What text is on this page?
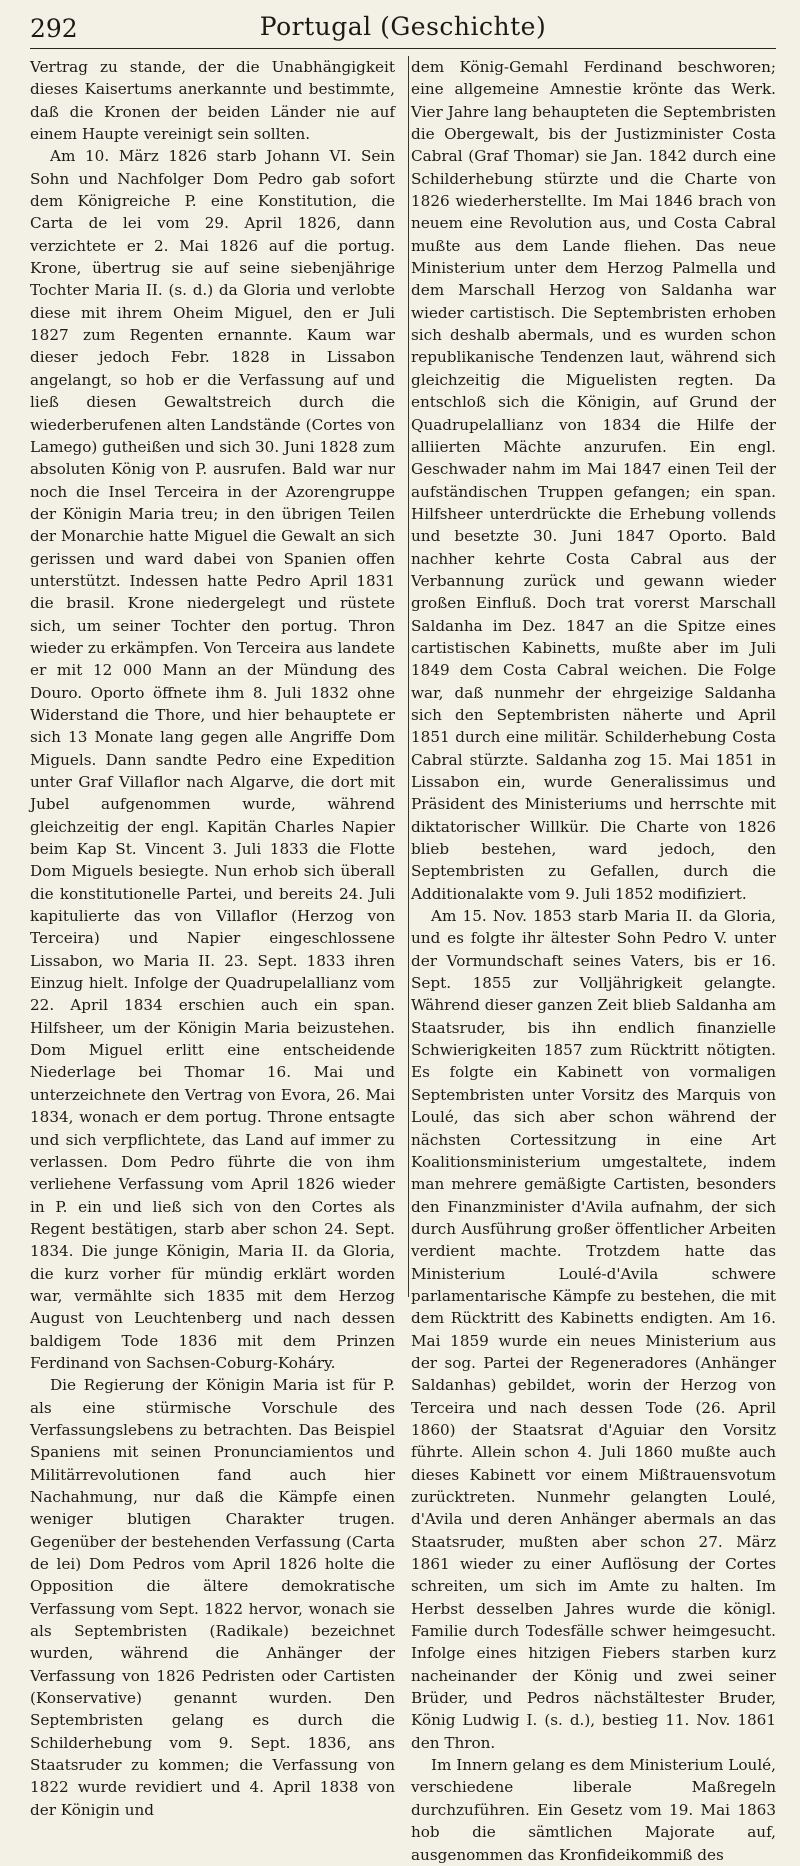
292	Portugal (Geschichte)

Vertrag zu stande, der die Unabhängigkeit dieses Kaisertums anerkannte und bestimmte, daß die Kronen der beiden Länder nie auf einem Haupte vereinigt sein sollten.

Am 10. März 1826 starb Johann VI. Sein Sohn und Nachfolger Dom Pedro gab sofort dem Königreiche P. eine Konstitution, die Carta de lei vom 29. April 1826, dann verzichtete er 2. Mai 1826 auf die portug. Krone, übertrug sie auf seine siebenjährige Tochter Maria II. (s. d.) da Gloria und verlobte diese mit ihrem Oheim Miguel, den er Juli 1827 zum Regenten ernannte. Kaum war dieser jedoch Febr. 1828 in Lissabon angelangt, so hob er die Verfassung auf und ließ diesen Gewaltstreich durch die wiederberufenen alten Landstände (Cortes von Lamego) gutheißen und sich 30. Juni 1828 zum absoluten König von P. ausrufen. Bald war nur noch die Insel Terceira in der Azorengruppe der Königin Maria treu; in den übrigen Teilen der Monarchie hatte Miguel die Gewalt an sich gerissen und ward dabei von Spanien offen unterstützt. Indessen hatte Pedro April 1831 die brasil. Krone niedergelegt und rüstete sich, um seiner Tochter den portug. Thron wieder zu erkämpfen. Von Terceira aus landete er mit 12 000 Mann an der Mündung des Douro. Oporto öffnete ihm 8. Juli 1832 ohne Widerstand die Thore, und hier behauptete er sich 13 Monate lang gegen alle Angriffe Dom Miguels. Dann sandte Pedro eine Expedition unter Graf Villaflor nach Algarve, die dort mit Jubel aufgenommen wurde, während gleichzeitig der engl. Kapitän Charles Napier beim Kap St. Vincent 3. Juli 1833 die Flotte Dom Miguels besiegte. Nun erhob sich überall die konstitutionelle Partei, und bereits 24. Juli kapitulierte das von Villaflor (Herzog von Terceira) und Napier eingeschlossene Lissabon, wo Maria II. 23. Sept. 1833 ihren Einzug hielt. Infolge der Quadrupelallianz vom 22. April 1834 erschien auch ein span. Hilfsheer, um der Königin Maria beizustehen. Dom Miguel erlitt eine entscheidende Niederlage bei Thomar 16. Mai und unterzeichnete den Vertrag von Evora, 26. Mai 1834, wonach er dem portug. Throne entsagte und sich verpflichtete, das Land auf immer zu verlassen. Dom Pedro führte die von ihm verliehene Verfassung vom April 1826 wieder in P. ein und ließ sich von den Cortes als Regent bestätigen, starb aber schon 24. Sept. 1834. Die junge Königin, Maria II. da Gloria, die kurz vorher für mündig erklärt worden war, vermählte sich 1835 mit dem Herzog August von Leuchtenberg und nach dessen baldigem Tode 1836 mit dem Prinzen Ferdinand von Sachsen-Coburg-Koháry.

Die Regierung der Königin Maria ist für P. als eine stürmische Vorschule des Verfassungslebens zu betrachten. Das Beispiel Spaniens mit seinen Pronunciamientos und Militärrevolutionen fand auch hier Nachahmung, nur daß die Kämpfe einen weniger blutigen Charakter trugen. Gegenüber der bestehenden Verfassung (Carta de lei) Dom Pedros vom April 1826 holte die Opposition die ältere demokratische Verfassung vom Sept. 1822 hervor, wonach sie als Septembristen (Radikale) bezeichnet wurden, während die Anhänger der Verfassung von 1826 Pedristen oder Cartisten (Konservative) genannt wurden. Den Septembristen gelang es durch die Schilderhebung vom 9. Sept. 1836, ans Staatsruder zu kommen; die Verfassung von 1822 wurde revidiert und 4. April 1838 von der Königin und

dem König-Gemahl Ferdinand beschworen; eine allgemeine Amnestie krönte das Werk. Vier Jahre lang behaupteten die Septembristen die Obergewalt, bis der Justizminister Costa Cabral (Graf Thomar) sie Jan. 1842 durch eine Schilderhebung stürzte und die Charte von 1826 wiederherstellte. Im Mai 1846 brach von neuem eine Revolution aus, und Costa Cabral mußte aus dem Lande fliehen. Das neue Ministerium unter dem Herzog Palmella und dem Marschall Herzog von Saldanha war wieder cartistisch. Die Septembristen erhoben sich deshalb abermals, und es wurden schon republikanische Tendenzen laut, während sich gleichzeitig die Miguelisten regten. Da entschloß sich die Königin, auf Grund der Quadrupelallianz von 1834 die Hilfe der alliierten Mächte anzurufen. Ein engl. Geschwader nahm im Mai 1847 einen Teil der aufständischen Truppen gefangen; ein span. Hilfsheer unterdrückte die Erhebung vollends und besetzte 30. Juni 1847 Oporto. Bald nachher kehrte Costa Cabral aus der Verbannung zurück und gewann wieder großen Einfluß. Doch trat vorerst Marschall Saldanha im Dez. 1847 an die Spitze eines cartistischen Kabinetts, mußte aber im Juli 1849 dem Costa Cabral weichen. Die Folge war, daß nunmehr der ehrgeizige Saldanha sich den Septembristen näherte und April 1851 durch eine militär. Schilderhebung Costa Cabral stürzte. Saldanha zog 15. Mai 1851 in Lissabon ein, wurde Generalissimus und Präsident des Ministeriums und herrschte mit diktatorischer Willkür. Die Charte von 1826 blieb bestehen, ward jedoch, den Septembristen zu Gefallen, durch die Additionalakte vom 9. Juli 1852 modifiziert.

Am 15. Nov. 1853 starb Maria II. da Gloria, und es folgte ihr ältester Sohn Pedro V. unter der Vormundschaft seines Vaters, bis er 16. Sept. 1855 zur Volljährigkeit gelangte. Während dieser ganzen Zeit blieb Saldanha am Staatsruder, bis ihn endlich finanzielle Schwierigkeiten 1857 zum Rücktritt nötigten. Es folgte ein Kabinett von vormaligen Septembristen unter Vorsitz des Marquis von Loulé, das sich aber schon während der nächsten Cortessitzung in eine Art Koalitionsministerium umgestaltete, indem man mehrere gemäßigte Cartisten, besonders den Finanzminister d'Avila aufnahm, der sich durch Ausführung großer öffentlicher Arbeiten verdient machte. Trotzdem hatte das Ministerium Loulé-d'Avila schwere parlamentarische Kämpfe zu bestehen, die mit dem Rücktritt des Kabinetts endigten. Am 16. Mai 1859 wurde ein neues Ministerium aus der sog. Partei der Regeneradores (Anhänger Saldanhas) gebildet, worin der Herzog von Terceira und nach dessen Tode (26. April 1860) der Staatsrat d'Aguiar den Vorsitz führte. Allein schon 4. Juli 1860 mußte auch dieses Kabinett vor einem Mißtrauensvotum zurücktreten. Nunmehr gelangten Loulé, d'Avila und deren Anhänger abermals an das Staatsruder, mußten aber schon 27. März 1861 wieder zu einer Auflösung der Cortes schreiten, um sich im Amte zu halten. Im Herbst desselben Jahres wurde die königl. Familie durch Todesfälle schwer heimgesucht. Infolge eines hitzigen Fiebers starben kurz nacheinander der König und zwei seiner Brüder, und Pedros nächstältester Bruder, König Ludwig I. (s. d.), bestieg 11. Nov. 1861 den Thron.

Im Innern gelang es dem Ministerium Loulé, verschiedene liberale Maßregeln durchzuführen. Ein Gesetz vom 19. Mai 1863 hob die sämtlichen Majorate auf, ausgenommen das Kronfideikommiß des
